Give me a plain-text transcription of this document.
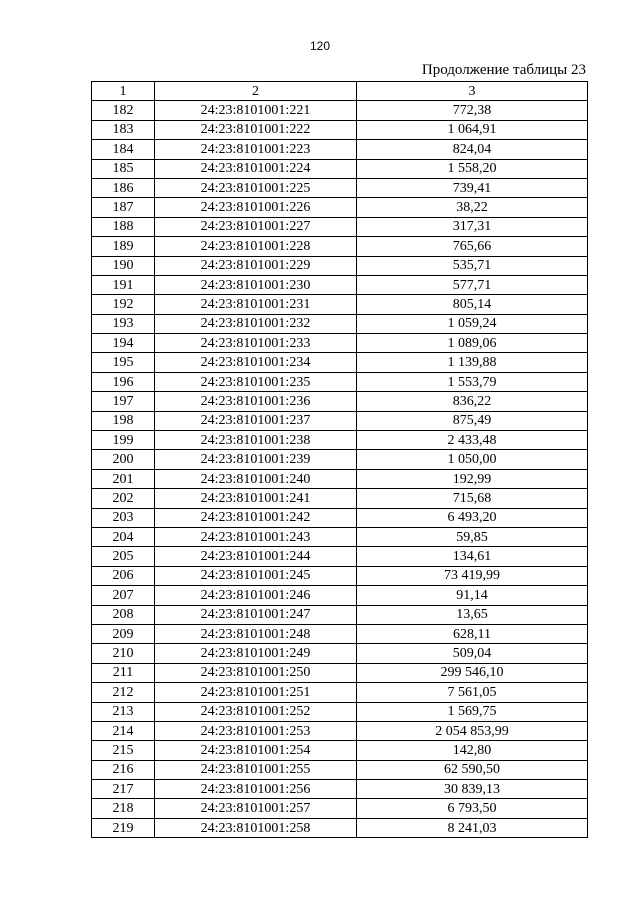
120
Продолжение таблицы 23
1	2	3
182	24:23:8101001:221	772,38
183	24:23:8101001:222	1 064,91
184	24:23:8101001:223	824,04
185	24:23:8101001:224	1 558,20
186	24:23:8101001:225	739,41
187	24:23:8101001:226	38,22
188	24:23:8101001:227	317,31
189	24:23:8101001:228	765,66
190	24:23:8101001:229	535,71
191	24:23:8101001:230	577,71
192	24:23:8101001:231	805,14
193	24:23:8101001:232	1 059,24
194	24:23:8101001:233	1 089,06
195	24:23:8101001:234	1 139,88
196	24:23:8101001:235	1 553,79
197	24:23:8101001:236	836,22
198	24:23:8101001:237	875,49
199	24:23:8101001:238	2 433,48
200	24:23:8101001:239	1 050,00
201	24:23:8101001:240	192,99
202	24:23:8101001:241	715,68
203	24:23:8101001:242	6 493,20
204	24:23:8101001:243	59,85
205	24:23:8101001:244	134,61
206	24:23:8101001:245	73 419,99
207	24:23:8101001:246	91,14
208	24:23:8101001:247	13,65
209	24:23:8101001:248	628,11
210	24:23:8101001:249	509,04
211	24:23:8101001:250	299 546,10
212	24:23:8101001:251	7 561,05
213	24:23:8101001:252	1 569,75
214	24:23:8101001:253	2 054 853,99
215	24:23:8101001:254	142,80
216	24:23:8101001:255	62 590,50
217	24:23:8101001:256	30 839,13
218	24:23:8101001:257	6 793,50
219	24:23:8101001:258	8 241,03
